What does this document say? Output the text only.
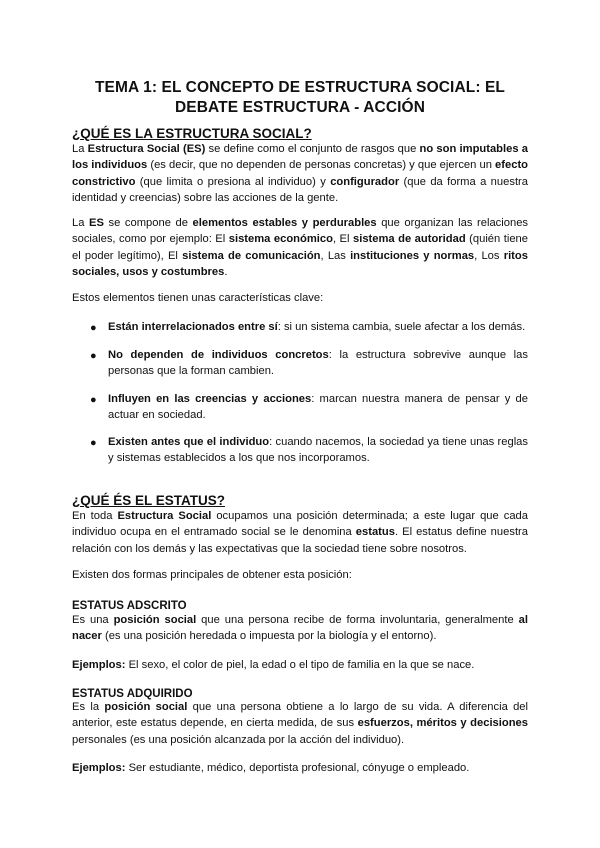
TEMA 1: EL CONCEPTO DE ESTRUCTURA SOCIAL: EL
DEBATE ESTRUCTURA - ACCIÓN
¿QUÉ ES LA ESTRUCTURA SOCIAL?

La Estructura Social (ES) se define como el conjunto de rasgos que no son imputables a los individuos (es decir, que no dependen de personas concretas) y que ejercen un efecto constrictivo (que limita o presiona al individuo) y configurador (que da forma a nuestra identidad y creencias) sobre las acciones de la gente.

La ES se compone de elementos estables y perdurables que organizan las relaciones sociales, como por ejemplo: El sistema económico, El sistema de autoridad (quién tiene el poder legítimo), El sistema de comunicación, Las instituciones y normas, Los ritos sociales, usos y costumbres.

Estos elementos tienen unas características clave:

● Están interrelacionados entre sí: si un sistema cambia, suele afectar a los demás.

● No dependen de individuos concretos: la estructura sobrevive aunque las personas que la forman cambien.

● Influyen en las creencias y acciones: marcan nuestra manera de pensar y de actuar en sociedad.

● Existen antes que el individuo: cuando nacemos, la sociedad ya tiene unas reglas y sistemas establecidos a los que nos incorporamos.

¿QUÉ ÉS EL ESTATUS?

En toda Estructura Social ocupamos una posición determinada; a este lugar que cada individuo ocupa en el entramado social se le denomina estatus. El estatus define nuestra relación con los demás y las expectativas que la sociedad tiene sobre nosotros.

Existen dos formas principales de obtener esta posición:

ESTATUS ADSCRITO

Es una posición social que una persona recibe de forma involuntaria, generalmente al nacer (es una posición heredada o impuesta por la biología y el entorno).

Ejemplos: El sexo, el color de piel, la edad o el tipo de familia en la que se nace.

ESTATUS ADQUIRIDO

Es la posición social que una persona obtiene a lo largo de su vida. A diferencia del anterior, este estatus depende, en cierta medida, de sus esfuerzos, méritos y decisiones personales (es una posición alcanzada por la acción del individuo).

Ejemplos: Ser estudiante, médico, deportista profesional, cónyuge o empleado.
